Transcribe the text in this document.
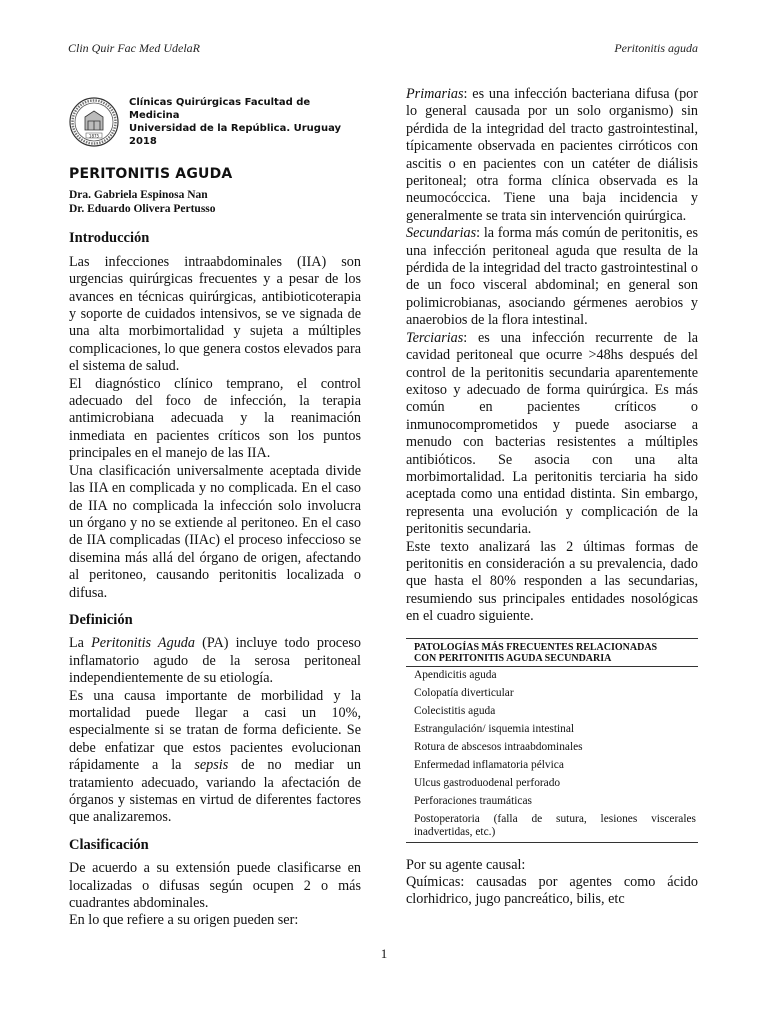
Clin Quir Fac Med UdelaR	Peritonitis aguda
1875
Clínicas Quirúrgicas Facultad de Medicina
Universidad de la República. Uruguay 2018
PERITONITIS AGUDA
Dra. Gabriela Espinosa Nan
Dr. Eduardo Olivera Pertusso
Introducción

Las infecciones intraabdominales (IIA) son urgencias quirúrgicas frecuentes y a pesar de los avances en técnicas quirúrgicas, antibioticoterapia y soporte de cuidados intensivos, se ve signada de una alta morbimortalidad y sujeta a múltiples complicaciones, lo que genera costos elevados para el sistema de salud.

El diagnóstico clínico temprano, el control adecuado del foco de infección, la terapia antimicrobiana adecuada y la reanimación inmediata en pacientes críticos son los puntos principales en el manejo de las IIA.

Una clasificación universalmente aceptada divide las IIA en complicada y no complicada. En el caso de IIA no complicada la infección solo involucra un órgano y no se extiende al peritoneo. En el caso de IIA complicadas (IIAc) el proceso infeccioso se disemina más allá del órgano de origen, afectando al peritoneo, causando peritonitis localizada o difusa.

Definición

La Peritonitis Aguda (PA) incluye todo proceso inflamatorio agudo de la serosa peritoneal independientemente de su etiología.

Es una causa importante de morbilidad y la mortalidad puede llegar a casi un 10%, especialmente si se tratan de forma deficiente. Se debe enfatizar que estos pacientes evolucionan rápidamente a la sepsis de no mediar un tratamiento adecuado, variando la afectación de órganos y sistemas en virtud de diferentes factores que analizaremos.

Clasificación

De acuerdo a su extensión puede clasificarse en localizadas o difusas según ocupen 2 o más cuadrantes abdominales.

En lo que refiere a su origen pueden ser:

Primarias: es una infección bacteriana difusa (por lo general causada por un solo organismo) sin pérdida de la integridad del tracto gastrointestinal, típicamente observada en pacientes cirróticos con ascitis o en pacientes con un catéter de diálisis peritoneal; otra forma clínica observada es la neumocóccica. Tiene una baja incidencia y generalmente se trata sin intervención quirúrgica.

Secundarias: la forma más común de peritonitis, es una infección peritoneal aguda que resulta de la pérdida de la integridad del tracto gastrointestinal o de un foco visceral abdominal; en general son polimicrobianas, asociando gérmenes aerobios y anaerobios de la flora intestinal.

Terciarias: es una infección recurrente de la cavidad peritoneal que ocurre >48hs después del control de la peritonitis secundaria aparentemente exitoso y adecuado de forma quirúrgica. Es más común en pacientes críticos o inmunocomprometidos y puede asociarse a menudo con bacterias resistentes a múltiples antibióticos. Se asocia con una alta morbimortalidad. La peritonitis terciaria ha sido aceptada como una entidad distinta. Sin embargo, representa una evolución y complicación de la peritonitis secundaria.

Este texto analizará las 2 últimas formas de peritonitis en consideración a su prevalencia, dado que hasta el 80% responden a las secundarias, resumiendo sus principales entidades nosológicas en el cuadro siguiente.

PATOLOGÍAS MÁS FRECUENTES RELACIONADAS
CON PERITONITIS AGUDA SECUNDARIA
Apendicitis aguda
Colopatía diverticular
Colecistitis aguda
Estrangulación/ isquemia intestinal
Rotura de abscesos intraabdominales
Enfermedad inflamatoria pélvica
Ulcus gastroduodenal perforado
Perforaciones traumáticas
Postoperatoria (falla de sutura, lesiones viscerales inadvertidas, etc.)

Por su agente causal:

Químicas: causadas por agentes como ácido clorhidrico, jugo pancreático, bilis, etc

1
